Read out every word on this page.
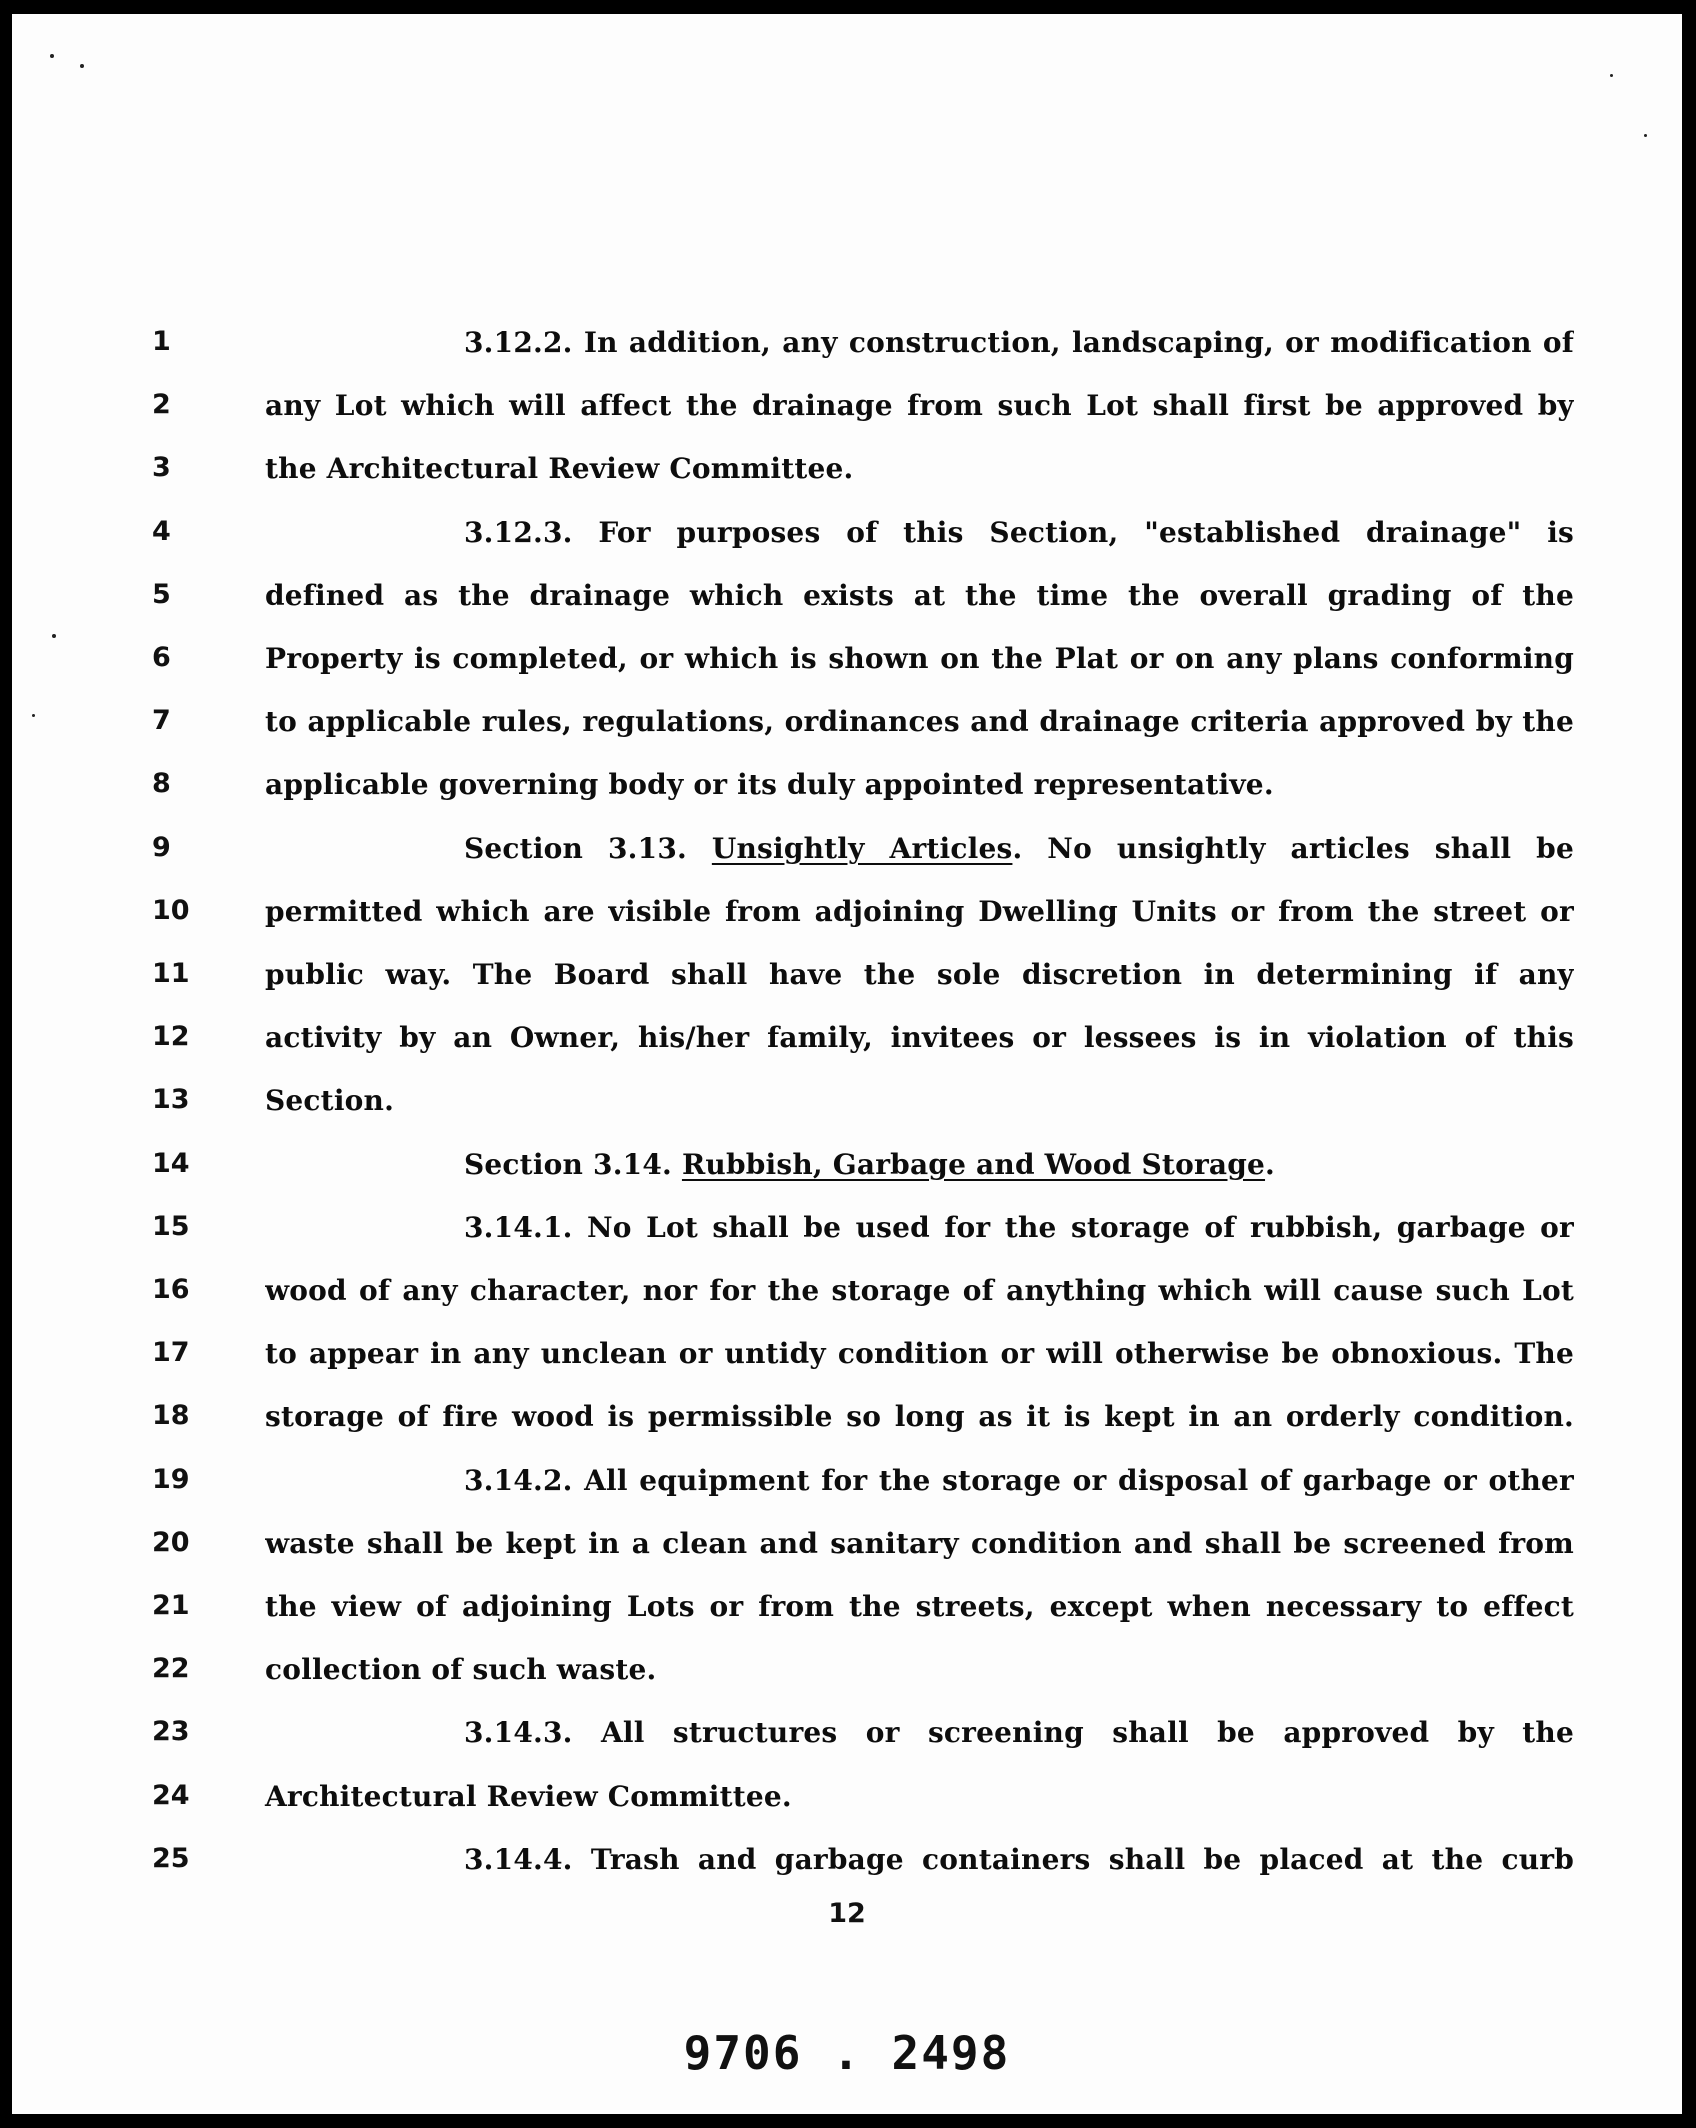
1	3.12.2. In addition, any construction, landscaping, or modification of
2	any Lot which will affect the drainage from such Lot shall first be approved by
3	the Architectural Review Committee.
4	3.12.3. For purposes of this Section, "established drainage" is
5	defined as the drainage which exists at the time the overall grading of the
6	Property is completed, or which is shown on the Plat or on any plans conforming
7	to applicable rules, regulations, ordinances and drainage criteria approved by the
8	applicable governing body or its duly appointed representative.
9	Section 3.13. Unsightly Articles. No unsightly articles shall be
10	permitted which are visible from adjoining Dwelling Units or from the street or
11	public way. The Board shall have the sole discretion in determining if any
12	activity by an Owner, his/her family, invitees or lessees is in violation of this
13	Section.
14	Section 3.14. Rubbish, Garbage and Wood Storage.
15	3.14.1. No Lot shall be used for the storage of rubbish, garbage or
16	wood of any character, nor for the storage of anything which will cause such Lot
17	to appear in any unclean or untidy condition or will otherwise be obnoxious. The
18	storage of fire wood is permissible so long as it is kept in an orderly condition.
19	3.14.2. All equipment for the storage or disposal of garbage or other
20	waste shall be kept in a clean and sanitary condition and shall be screened from
21	the view of adjoining Lots or from the streets, except when necessary to effect
22	collection of such waste.
23	3.14.3. All structures or screening shall be approved by the
24	Architectural Review Committee.
25	3.14.4. Trash and garbage containers shall be placed at the curb
12
9706 . 2498
